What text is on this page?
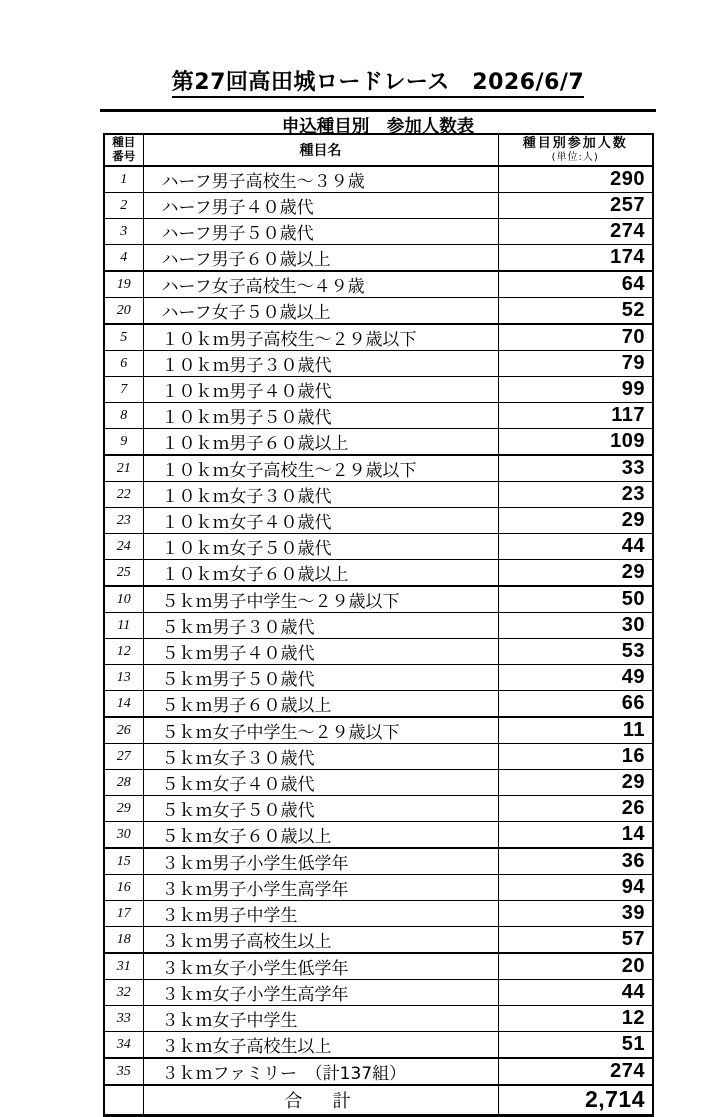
第27回高田城ロードレース　2026/6/7
申込種目別　参加人数表
種目
番号	種目名	種目別参加人数
(単位:人)

1	ハーフ男子高校生～３９歳	290
2	ハーフ男子４０歳代	257
3	ハーフ男子５０歳代	274
4	ハーフ男子６０歳以上	174
19	ハーフ女子高校生～４９歳	64
20	ハーフ女子５０歳以上	52
5	１０ｋｍ男子高校生～２９歳以下	70
6	１０ｋｍ男子３０歳代	79
7	１０ｋｍ男子４０歳代	99
8	１０ｋｍ男子５０歳代	117
9	１０ｋｍ男子６０歳以上	109
21	１０ｋｍ女子高校生～２９歳以下	33
22	１０ｋｍ女子３０歳代	23
23	１０ｋｍ女子４０歳代	29
24	１０ｋｍ女子５０歳代	44
25	１０ｋｍ女子６０歳以上	29
10	５ｋｍ男子中学生～２９歳以下	50
11	５ｋｍ男子３０歳代	30
12	５ｋｍ男子４０歳代	53
13	５ｋｍ男子５０歳代	49
14	５ｋｍ男子６０歳以上	66
26	５ｋｍ女子中学生～２９歳以下	11
27	５ｋｍ女子３０歳代	16
28	５ｋｍ女子４０歳代	29
29	５ｋｍ女子５０歳代	26
30	５ｋｍ女子６０歳以上	14
15	３ｋｍ男子小学生低学年	36
16	３ｋｍ男子小学生高学年	94
17	３ｋｍ男子中学生	39
18	３ｋｍ男子高校生以上	57
31	３ｋｍ女子小学生低学年	20
32	３ｋｍ女子小学生高学年	44
33	３ｋｍ女子中学生	12
34	３ｋｍ女子高校生以上	51
35	３ｋｍファミリー　（計137組）	274
	合　計	2,714
